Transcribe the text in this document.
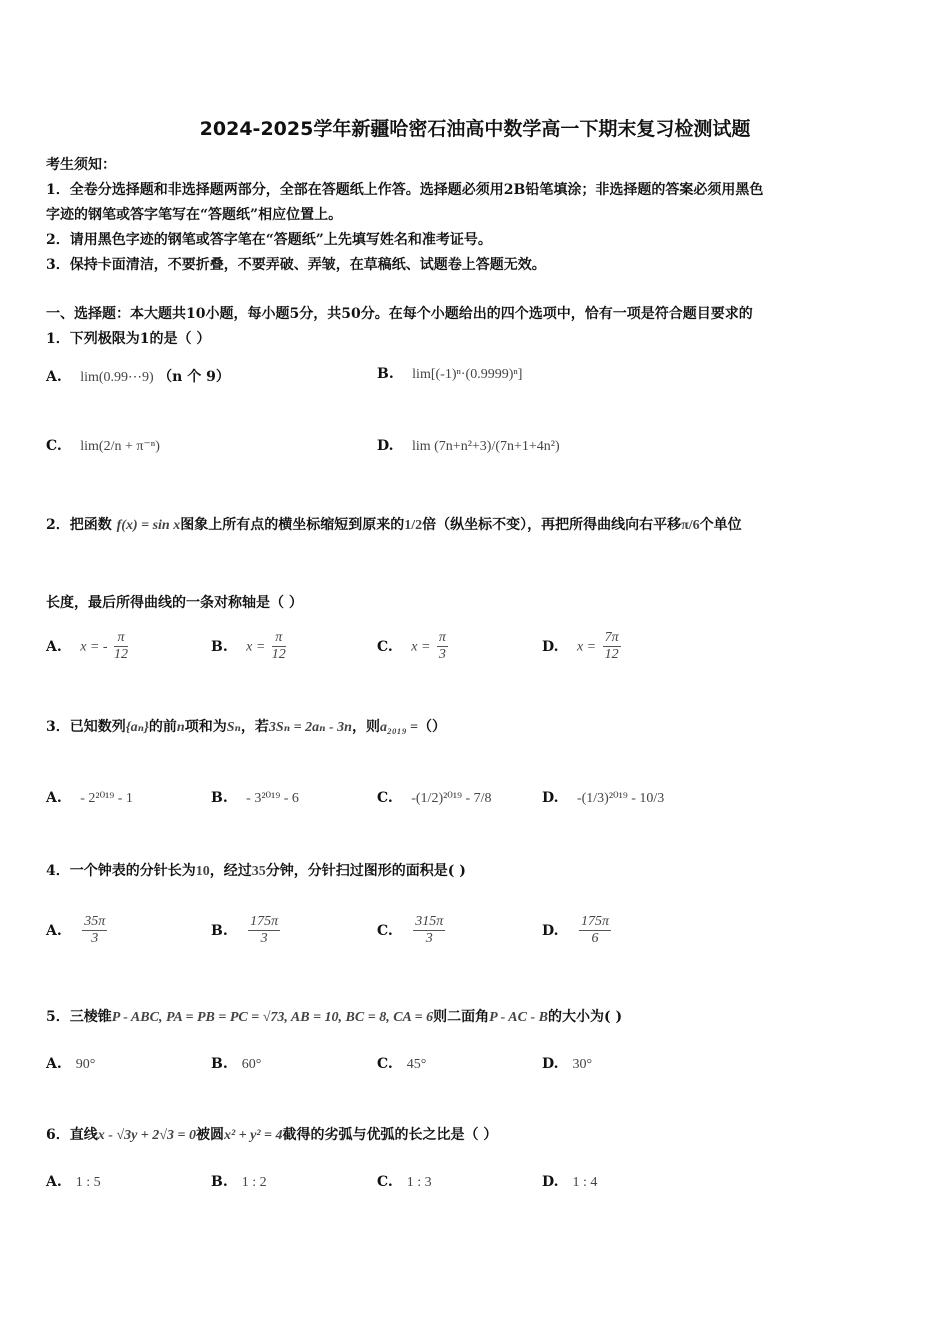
2024-2025学年新疆哈密石油高中数学高一下期末复习检测试题
考生须知：
1．全卷分选择题和非选择题两部分，全部在答题纸上作答。选择题必须用2B铅笔填涂；非选择题的答案必须用黑色
字迹的钢笔或答字笔写在“答题纸”相应位置上。
2．请用黑色字迹的钢笔或答字笔在“答题纸”上先填写姓名和准考证号。
3．保持卡面清洁，不要折叠，不要弄破、弄皱，在草稿纸、试题卷上答题无效。
一、选择题：本大题共10小题，每小题5分，共50分。在每个小题给出的四个选项中，恰有一项是符合题目要求的
1．下列极限为1的是（ ）
A. lim(0.99⋯9) （n 个 9）	B. lim[(-1)ⁿ·(0.9999)ⁿ]
C. lim(2/n + π⁻ⁿ)	D. lim (7n+n²+3)/(7n+1+4n²)
2．把函数 f(x) = sin x图象上所有点的横坐标缩短到原来的1/2倍（纵坐标不变），再把所得曲线向右平移π/6个单位
长度，最后所得曲线的一条对称轴是（ ）
A. x = - $\frac{\pi}{12}$	B. $x = \frac{\pi}{12}$	C. $x = \frac{\pi}{3}$	D. $x = \frac{7\pi}{12}$
3．已知数列{aₙ}的前n项和为Sₙ，若3Sₙ = 2aₙ - 3n，则a₂₀₁₉ =（）
A. - 2²⁰¹⁹ - 1	B. - 3²⁰¹⁹ - 6	C. -(1/2)²⁰¹⁹ - 7/8	D. -(1/3)²⁰¹⁹ - 10/3
4．一个钟表的分针长为10，经过35分钟，分针扫过图形的面积是( )
A. $\frac{35\pi}{3}$	B. $\frac{175\pi}{3}$	C. $\frac{315\pi}{3}$	D. $\frac{175\pi}{6}$
5．三棱锥P - ABC, PA = PB = PC = √73, AB = 10, BC = 8, CA = 6则二面角P - AC - B的大小为( )
A. 90°	B. 60°	C. 45°	D. 30°
6．直线x - √3y + 2√3 = 0被圆x² + y² = 4截得的劣弧与优弧的长之比是（ ）
A. 1 : 5	B. 1 : 2	C. 1 : 3	D. 1 : 4
